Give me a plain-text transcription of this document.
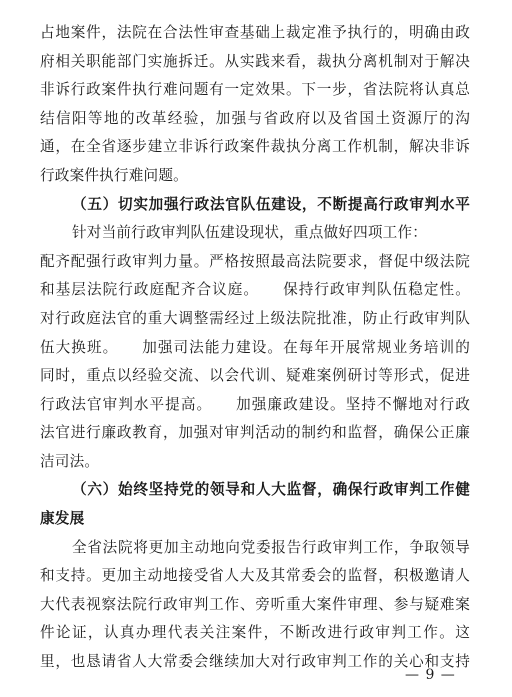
占地案件，法院在合法性审查基础上裁定准予执行的，明确由政
府相关职能部门实施拆迁。从实践来看，裁执分离机制对于解决
非诉行政案件执行难问题有一定效果。下一步，省法院将认真总
结信阳等地的改革经验，加强与省政府以及省国土资源厅的沟
通，在全省逐步建立非诉行政案件裁执分离工作机制，解决非诉
行政案件执行难问题。
（五）切实加强行政法官队伍建设，不断提高行政审判水平
针对当前行政审判队伍建设现状，重点做好四项工作：
配齐配强行政审判力量。严格按照最高法院要求，督促中级法院
和基层法院行政庭配齐合议庭。　　保持行政审判队伍稳定性。
对行政庭法官的重大调整需经过上级法院批准，防止行政审判队
伍大换班。　　加强司法能力建设。在每年开展常规业务培训的
同时，重点以经验交流、以会代训、疑难案例研讨等形式，促进
行政法官审判水平提高。　　加强廉政建设。坚持不懈地对行政
法官进行廉政教育，加强对审判活动的制约和监督，确保公正廉
洁司法。
（六）始终坚持党的领导和人大监督，确保行政审判工作健
康发展
全省法院将更加主动地向党委报告行政审判工作，争取领导
和支持。更加主动地接受省人大及其常委会的监督，积极邀请人
大代表视察法院行政审判工作、旁听重大案件审理、参与疑难案
件论证，认真办理代表关注案件，不断改进行政审判工作。这
里，也恳请省人大常委会继续加大对行政审判工作的关心和支持
— 9 —
